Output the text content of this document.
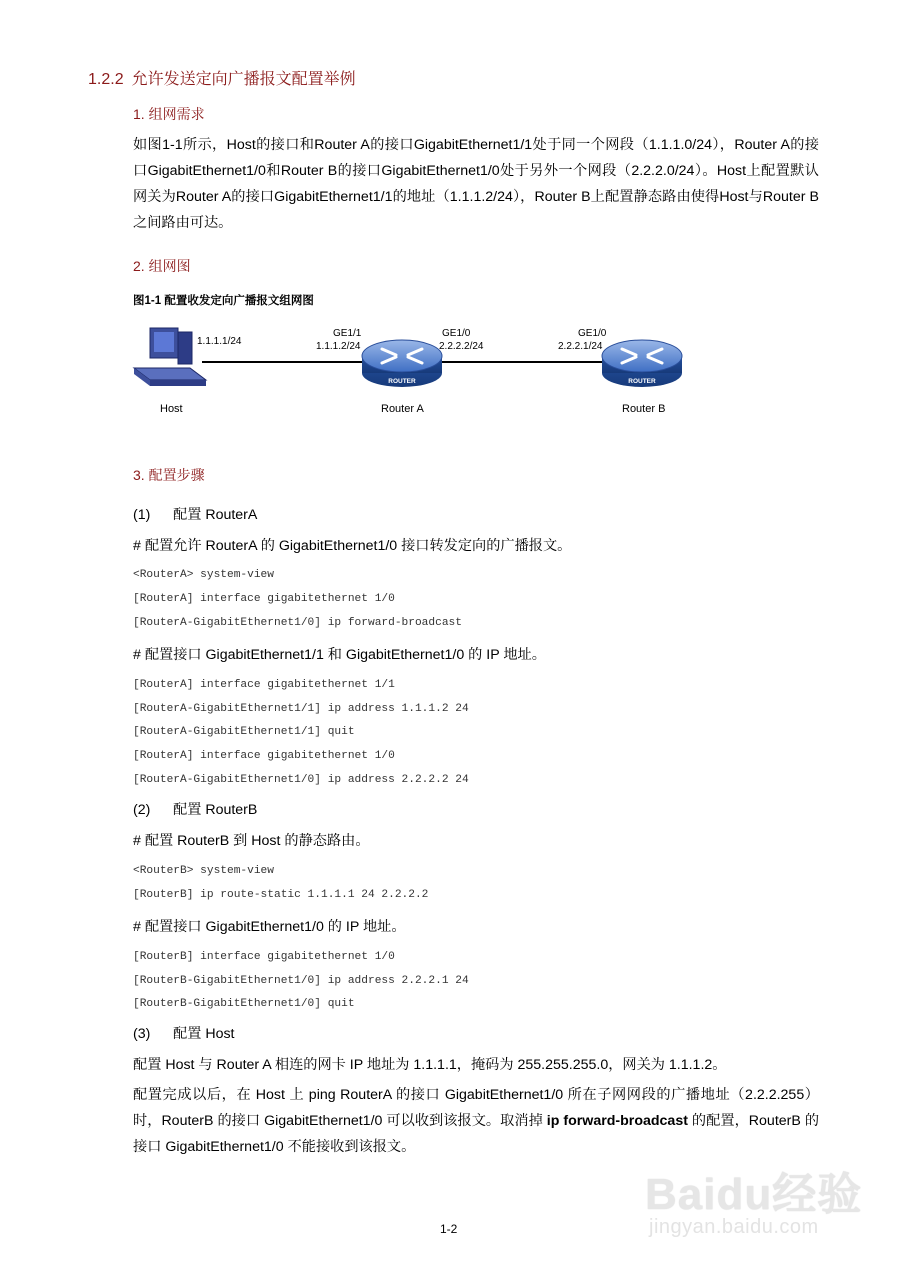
1.2.2 允许发送定向广播报文配置举例
1. 组网需求
如图1-1所示，Host的接口和Router A的接口GigabitEthernet1/1处于同一个网段（1.1.1.0/24），Router A的接口GigabitEthernet1/0和Router B的接口GigabitEthernet1/0处于另外一个网段（2.2.2.0/24）。Host上配置默认网关为Router A的接口GigabitEthernet1/1的地址（1.1.1.2/24），Router B上配置静态路由使得Host与Router B之间路由可达。
2. 组网图
图1-1 配置收发定向广播报文组网图
ROUTER	ROUTER
1.1.1.1/24
GE1/1
1.1.1.2/24
GE1/0
2.2.2.2/24
GE1/0
2.2.2.1/24
Host	Router A	Router B
3. 配置步骤
(1) 配置 RouterA
# 配置允许 RouterA 的 GigabitEthernet1/0 接口转发定向的广播报文。
<RouterA> system-view
[RouterA] interface gigabitethernet 1/0
[RouterA-GigabitEthernet1/0] ip forward-broadcast
# 配置接口 GigabitEthernet1/1 和 GigabitEthernet1/0 的 IP 地址。
[RouterA] interface gigabitethernet 1/1
[RouterA-GigabitEthernet1/1] ip address 1.1.1.2 24
[RouterA-GigabitEthernet1/1] quit
[RouterA] interface gigabitethernet 1/0
[RouterA-GigabitEthernet1/0] ip address 2.2.2.2 24
(2) 配置 RouterB
# 配置 RouterB 到 Host 的静态路由。
<RouterB> system-view
[RouterB] ip route-static 1.1.1.1 24 2.2.2.2
# 配置接口 GigabitEthernet1/0 的 IP 地址。
[RouterB] interface gigabitethernet 1/0
[RouterB-GigabitEthernet1/0] ip address 2.2.2.1 24
[RouterB-GigabitEthernet1/0] quit
(3) 配置 Host
配置 Host 与 Router A 相连的网卡 IP 地址为 1.1.1.1，掩码为 255.255.255.0，网关为 1.1.1.2。
配置完成以后，在 Host 上 ping RouterA 的接口 GigabitEthernet1/0 所在子网网段的广播地址（2.2.2.255）时，RouterB 的接口 GigabitEthernet1/0 可以收到该报文。取消掉 ip forward-broadcast 的配置，RouterB 的接口 GigabitEthernet1/0 不能接收到该报文。
Baidu经验
jingyan.baidu.com
1-2
